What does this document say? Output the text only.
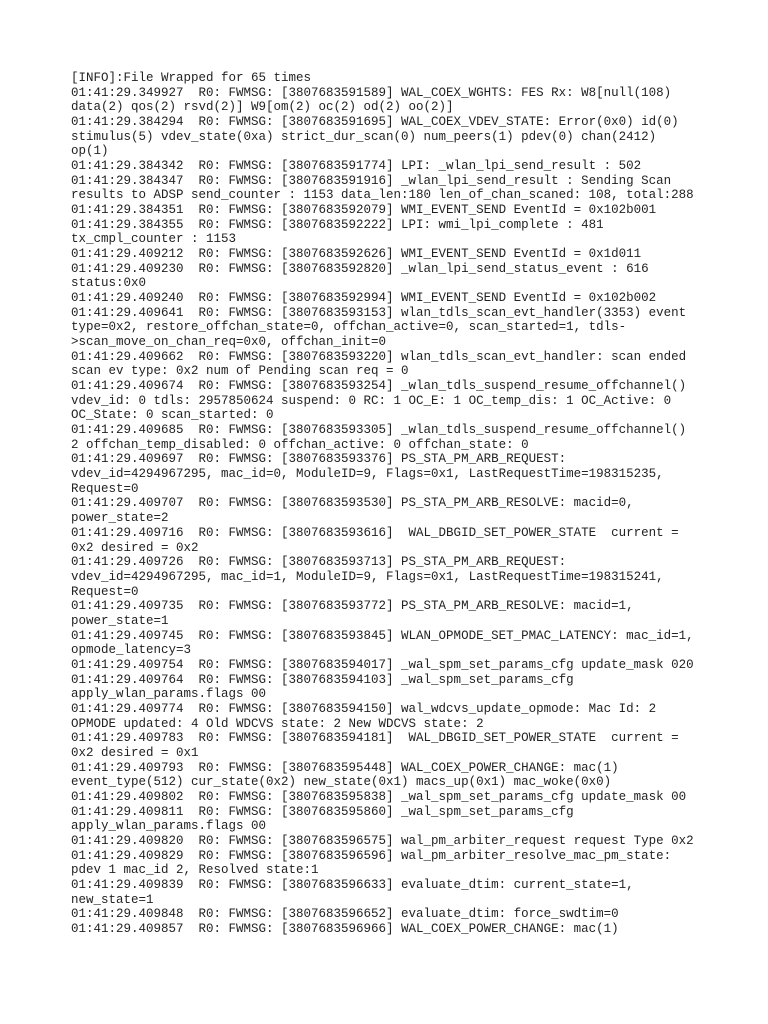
[INFO]:File Wrapped for 65 times
01:41:29.349927  R0: FWMSG: [3807683591589] WAL_COEX_WGHTS: FES Rx: W8[null(108)
data(2) qos(2) rsvd(2)] W9[om(2) oc(2) od(2) oo(2)]
01:41:29.384294  R0: FWMSG: [3807683591695] WAL_COEX_VDEV_STATE: Error(0x0) id(0)
stimulus(5) vdev_state(0xa) strict_dur_scan(0) num_peers(1) pdev(0) chan(2412)
op(1)
01:41:29.384342  R0: FWMSG: [3807683591774] LPI: _wlan_lpi_send_result : 502
01:41:29.384347  R0: FWMSG: [3807683591916] _wlan_lpi_send_result : Sending Scan
results to ADSP send_counter : 1153 data_len:180 len_of_chan_scaned: 108, total:288
01:41:29.384351  R0: FWMSG: [3807683592079] WMI_EVENT_SEND EventId = 0x102b001
01:41:29.384355  R0: FWMSG: [3807683592222] LPI: wmi_lpi_complete : 481
tx_cmpl_counter : 1153
01:41:29.409212  R0: FWMSG: [3807683592626] WMI_EVENT_SEND EventId = 0x1d011
01:41:29.409230  R0: FWMSG: [3807683592820] _wlan_lpi_send_status_event : 616
status:0x0
01:41:29.409240  R0: FWMSG: [3807683592994] WMI_EVENT_SEND EventId = 0x102b002
01:41:29.409641  R0: FWMSG: [3807683593153] wlan_tdls_scan_evt_handler(3353) event
type=0x2, restore_offchan_state=0, offchan_active=0, scan_started=1, tdls-
>scan_move_on_chan_req=0x0, offchan_init=0
01:41:29.409662  R0: FWMSG: [3807683593220] wlan_tdls_scan_evt_handler: scan ended
scan ev type: 0x2 num of Pending scan req = 0
01:41:29.409674  R0: FWMSG: [3807683593254] _wlan_tdls_suspend_resume_offchannel()
vdev_id: 0 tdls: 2957850624 suspend: 0 RC: 1 OC_E: 1 OC_temp_dis: 1 OC_Active: 0
OC_State: 0 scan_started: 0
01:41:29.409685  R0: FWMSG: [3807683593305] _wlan_tdls_suspend_resume_offchannel()
2 offchan_temp_disabled: 0 offchan_active: 0 offchan_state: 0
01:41:29.409697  R0: FWMSG: [3807683593376] PS_STA_PM_ARB_REQUEST:
vdev_id=4294967295, mac_id=0, ModuleID=9, Flags=0x1, LastRequestTime=198315235,
Request=0
01:41:29.409707  R0: FWMSG: [3807683593530] PS_STA_PM_ARB_RESOLVE: macid=0,
power_state=2
01:41:29.409716  R0: FWMSG: [3807683593616]  WAL_DBGID_SET_POWER_STATE  current =
0x2 desired = 0x2
01:41:29.409726  R0: FWMSG: [3807683593713] PS_STA_PM_ARB_REQUEST:
vdev_id=4294967295, mac_id=1, ModuleID=9, Flags=0x1, LastRequestTime=198315241,
Request=0
01:41:29.409735  R0: FWMSG: [3807683593772] PS_STA_PM_ARB_RESOLVE: macid=1,
power_state=1
01:41:29.409745  R0: FWMSG: [3807683593845] WLAN_OPMODE_SET_PMAC_LATENCY: mac_id=1,
opmode_latency=3
01:41:29.409754  R0: FWMSG: [3807683594017] _wal_spm_set_params_cfg update_mask 020
01:41:29.409764  R0: FWMSG: [3807683594103] _wal_spm_set_params_cfg
apply_wlan_params.flags 00
01:41:29.409774  R0: FWMSG: [3807683594150] wal_wdcvs_update_opmode: Mac Id: 2
OPMODE updated: 4 Old WDCVS state: 2 New WDCVS state: 2
01:41:29.409783  R0: FWMSG: [3807683594181]  WAL_DBGID_SET_POWER_STATE  current =
0x2 desired = 0x1
01:41:29.409793  R0: FWMSG: [3807683595448] WAL_COEX_POWER_CHANGE: mac(1)
event_type(512) cur_state(0x2) new_state(0x1) macs_up(0x1) mac_woke(0x0)
01:41:29.409802  R0: FWMSG: [3807683595838] _wal_spm_set_params_cfg update_mask 00
01:41:29.409811  R0: FWMSG: [3807683595860] _wal_spm_set_params_cfg
apply_wlan_params.flags 00
01:41:29.409820  R0: FWMSG: [3807683596575] wal_pm_arbiter_request request Type 0x2
01:41:29.409829  R0: FWMSG: [3807683596596] wal_pm_arbiter_resolve_mac_pm_state:
pdev 1 mac_id 2, Resolved state:1
01:41:29.409839  R0: FWMSG: [3807683596633] evaluate_dtim: current_state=1,
new_state=1
01:41:29.409848  R0: FWMSG: [3807683596652] evaluate_dtim: force_swdtim=0
01:41:29.409857  R0: FWMSG: [3807683596966] WAL_COEX_POWER_CHANGE: mac(1)
